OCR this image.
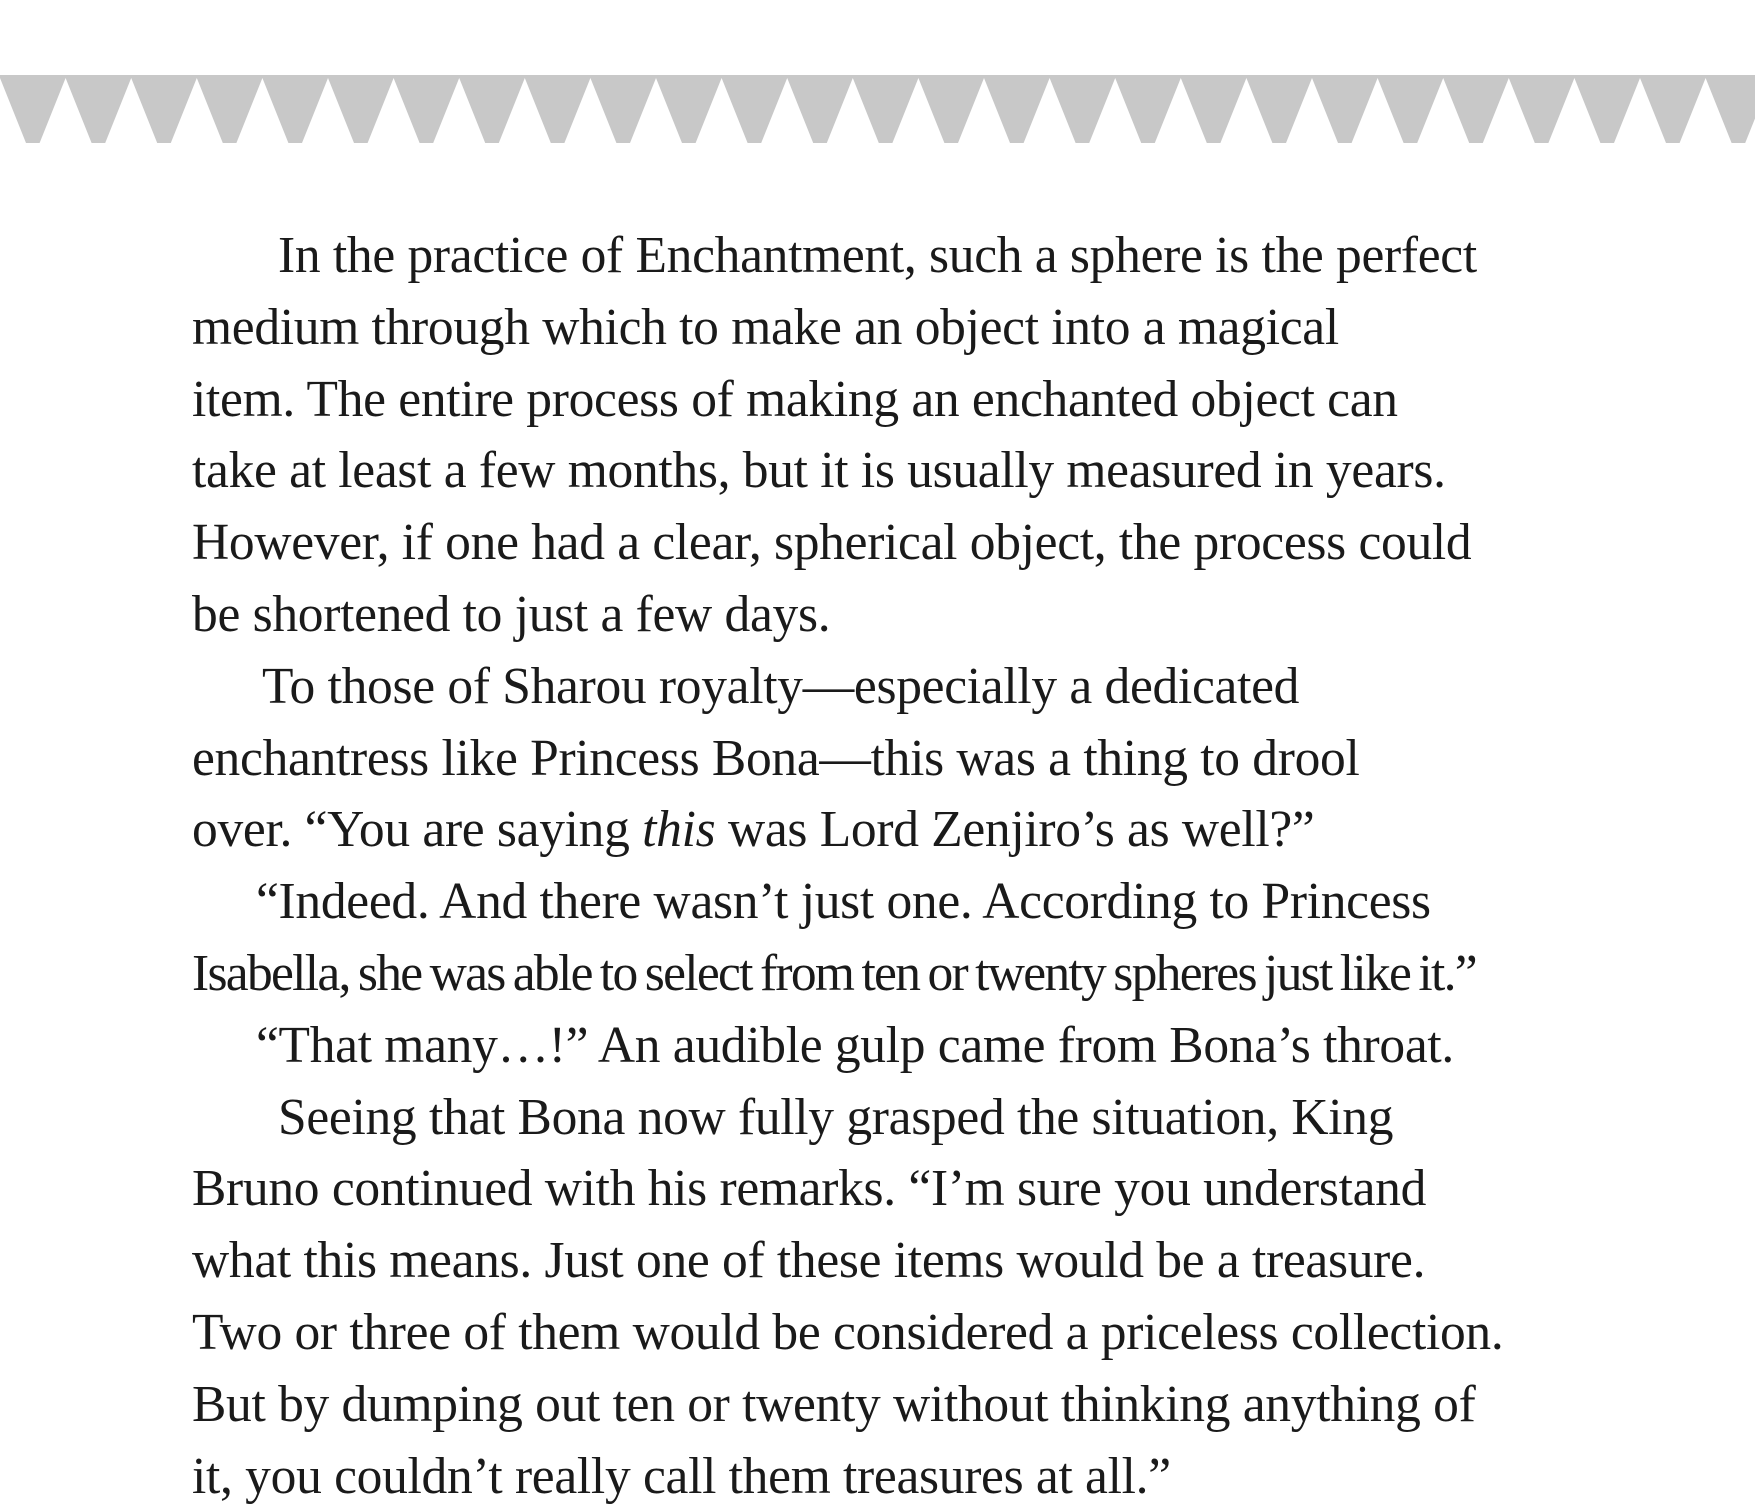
In the practice of Enchantment, such a sphere is the perfect
medium through which to make an object into a magical
item. The entire process of making an enchanted object can
take at least a few months, but it is usually measured in years.
However, if one had a clear, spherical object, the process could
be shortened to just a few days.
To those of Sharou royalty—especially a dedicated
enchantress like Princess Bona—this was a thing to drool
over. “You are saying this was Lord Zenjiro’s as well?”
“Indeed. And there wasn’t just one. According to Princess
Isabella, she was able to select from ten or twenty spheres just like it.”
“That many…!” An audible gulp came from Bona’s throat.
Seeing that Bona now fully grasped the situation, King
Bruno continued with his remarks. “I’m sure you understand
what this means. Just one of these items would be a treasure.
Two or three of them would be considered a priceless collection.
But by dumping out ten or twenty without thinking anything of
it, you couldn’t really call them treasures at all.”
